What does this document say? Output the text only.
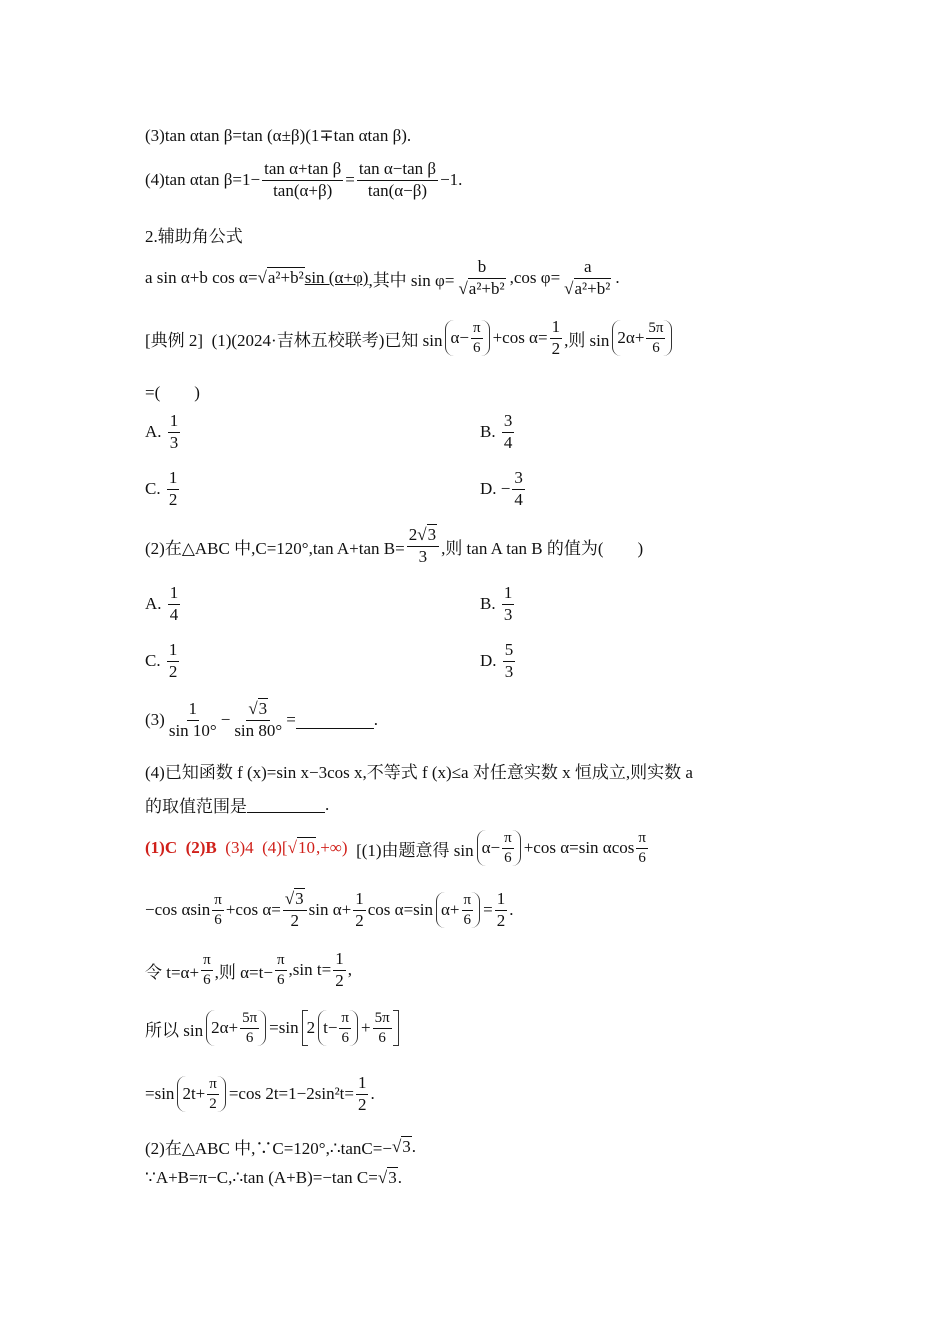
(3)tan αtan β=tan (α±β)(1∓tan αtan β).
(4)tan αtan $\beta=1- \frac{\text{tan α+tan β}}{\tan(\alpha+\beta)} = \frac{\text{tan α−tan β}}{\tan(\alpha-\beta)} -1$.
2.辅助角公式
a sin α+b cos α= √a²+b² sin (α+φ) ,其中 $\sin \varphi= \frac{b}{\text{√a²+b²}} ,\cos$ $\varphi= \frac{a}{\text{√a²+b²}}$ .
[典例 2]
(1)(2024·吉林五校联考)已知 $\sin \alpha- \frac{\pi}{6} +\cos$ $\alpha= \frac{1}{2}$ ,则 $\sin 2\alpha+ \frac{5\pi}{6}$
=(　　)
A.
$\frac{1}{3}$	B.
$\frac{3}{4}$
C.
$\frac{1}{2}$	D.
− $\frac{3}{4}$
(2)在△ABC 中,C=120°,tan A+tan $B= \frac{2√3}{3}$ ,则 tan A tan B 的值为(　　)
A.
$\frac{1}{4}$	B.
$\frac{1}{3}$
C.
$\frac{1}{2}$	D.
$\frac{5}{3}$
$(3) \frac{1}{\sin 10^\circ} - \frac{√3}{\sin 80^\circ}$ =	.
(4)已知函数 f (x)=sin x−3cos x,不等式 f (x)≤a 对任意实数 x 恒成立,则实数 a
的取值范围是	.
(1)C
(2)B
(3)4
(4)[√10,+∞)
[(1)由题意得 $\sin \alpha- \frac{\pi}{6} +\cos$ α=sin αcos $\frac{\pi}{6}$
−cos αsin $\frac{\pi}{6} +\cos$ $\alpha= \frac{√3}{2}$ $\sin \alpha+ \frac{1}{2}$ cos α=sin $\alpha+ \frac{\pi}{6} = \frac{1}{2}$ .
令 $t=\alpha+ \frac{\pi}{6}$ ,则 $\alpha=t- \frac{\pi}{6} ,\sin$ $t= \frac{1}{2}$ ,
所以 $\sin 2\alpha+ \frac{5\pi}{6} =\sin$ 2 $t- \frac{\pi}{6} + \frac{5\pi}{6}$
=sin $2t+ \frac{\pi}{2} =\cos$ $2t=1-2\sin^2t= \frac{1}{2}$ .
(2)在△ABC 中,∵C=120°,∴tanC=− √3 .
∵A+B=π−C,∴tan (A+B)=−tan C= √3 .
